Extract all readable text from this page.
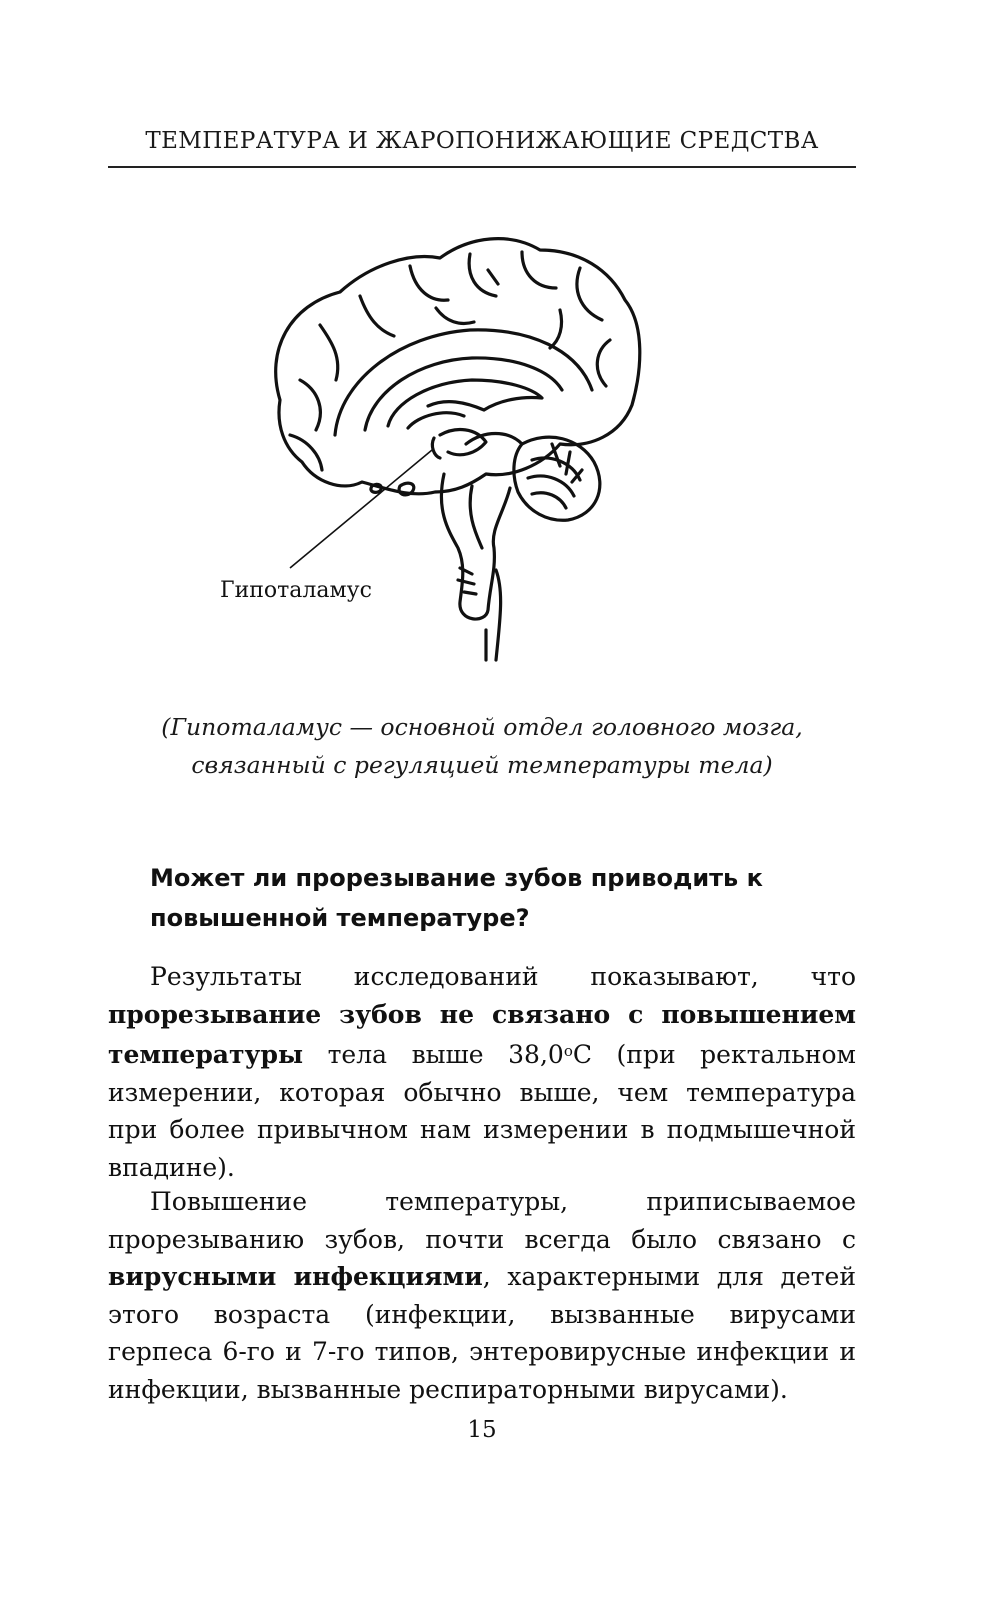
ТЕМПЕРАТУРА И ЖАРОПОНИЖАЮЩИЕ СРЕДСТВА
Гипоталамус
(Гипоталамус — основной отдел головного мозга,
связанный с регуляцией температуры тела)
Может ли прорезывание зубов приводить к повышенной температуре?

Результаты исследований показывают, что прорезывание зубов не связано с повышением температуры тела выше $38,0^оС$ (при ректальном измерении, которая обычно выше, чем температура при более привычном нам измерении в подмышечной впадине).

Повышение температуры, приписываемое прорезыванию зубов, почти всегда было связано с вирусными инфекциями, характерными для детей этого возраста (инфекции, вызванные вирусами герпеса 6-го и 7-го типов, энтеровирусные инфекции и инфекции, вызванные респираторными вирусами).

15
